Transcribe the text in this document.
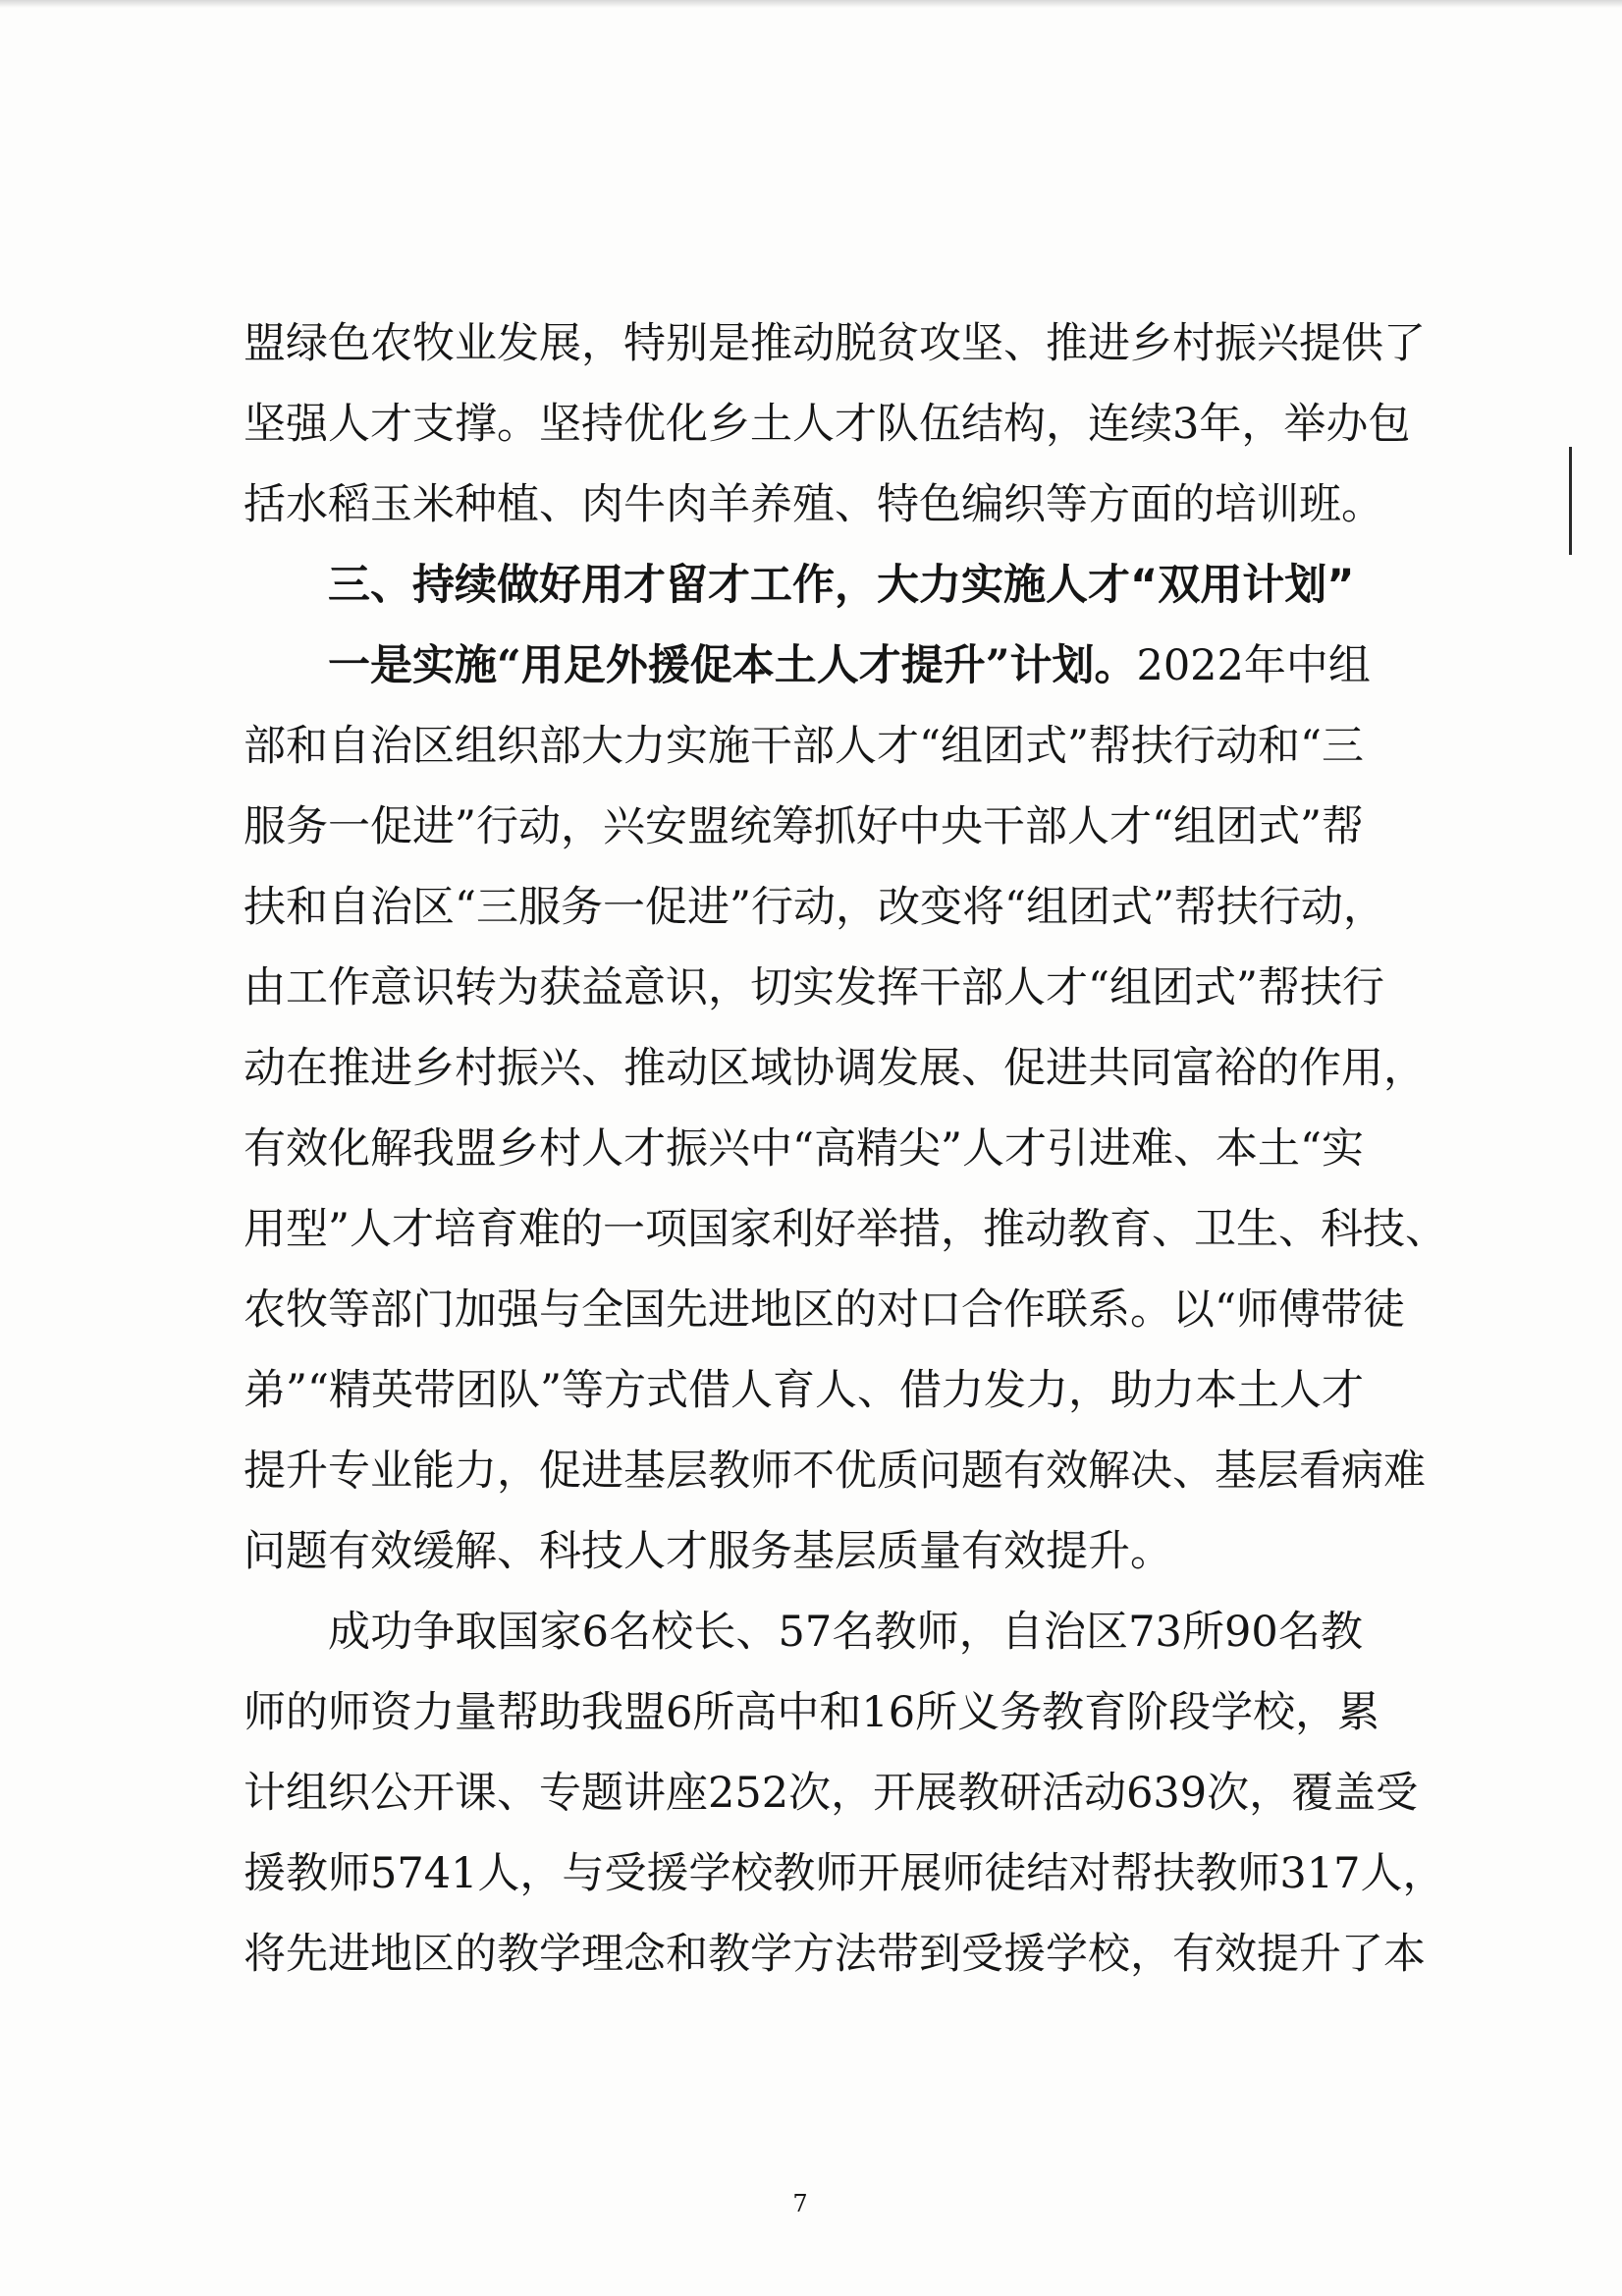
盟绿色农牧业发展，特别是推动脱贫攻坚、推进乡村振兴提供了
坚强人才支撑。坚持优化乡土人才队伍结构，连续3年，举办包
括水稻玉米种植、肉牛肉羊养殖、特色编织等方面的培训班。
三、持续做好用才留才工作，大力实施人才“双用计划”
一是实施“用足外援促本土人才提升”计划。2022年中组
部和自治区组织部大力实施干部人才“组团式”帮扶行动和“三
服务一促进”行动，兴安盟统筹抓好中央干部人才“组团式”帮
扶和自治区“三服务一促进”行动，改变将“组团式”帮扶行动，
由工作意识转为获益意识，切实发挥干部人才“组团式”帮扶行
动在推进乡村振兴、推动区域协调发展、促进共同富裕的作用，
有效化解我盟乡村人才振兴中“高精尖”人才引进难、本土“实
用型”人才培育难的一项国家利好举措，推动教育、卫生、科技、
农牧等部门加强与全国先进地区的对口合作联系。以“师傅带徒
弟”“精英带团队”等方式借人育人、借力发力，助力本土人才
提升专业能力，促进基层教师不优质问题有效解决、基层看病难
问题有效缓解、科技人才服务基层质量有效提升。
成功争取国家6名校长、57名教师，自治区73所90名教
师的师资力量帮助我盟6所高中和16所义务教育阶段学校，累
计组织公开课、专题讲座252次，开展教研活动639次，覆盖受
援教师5741人，与受援学校教师开展师徒结对帮扶教师317人，
将先进地区的教学理念和教学方法带到受援学校，有效提升了本
7
